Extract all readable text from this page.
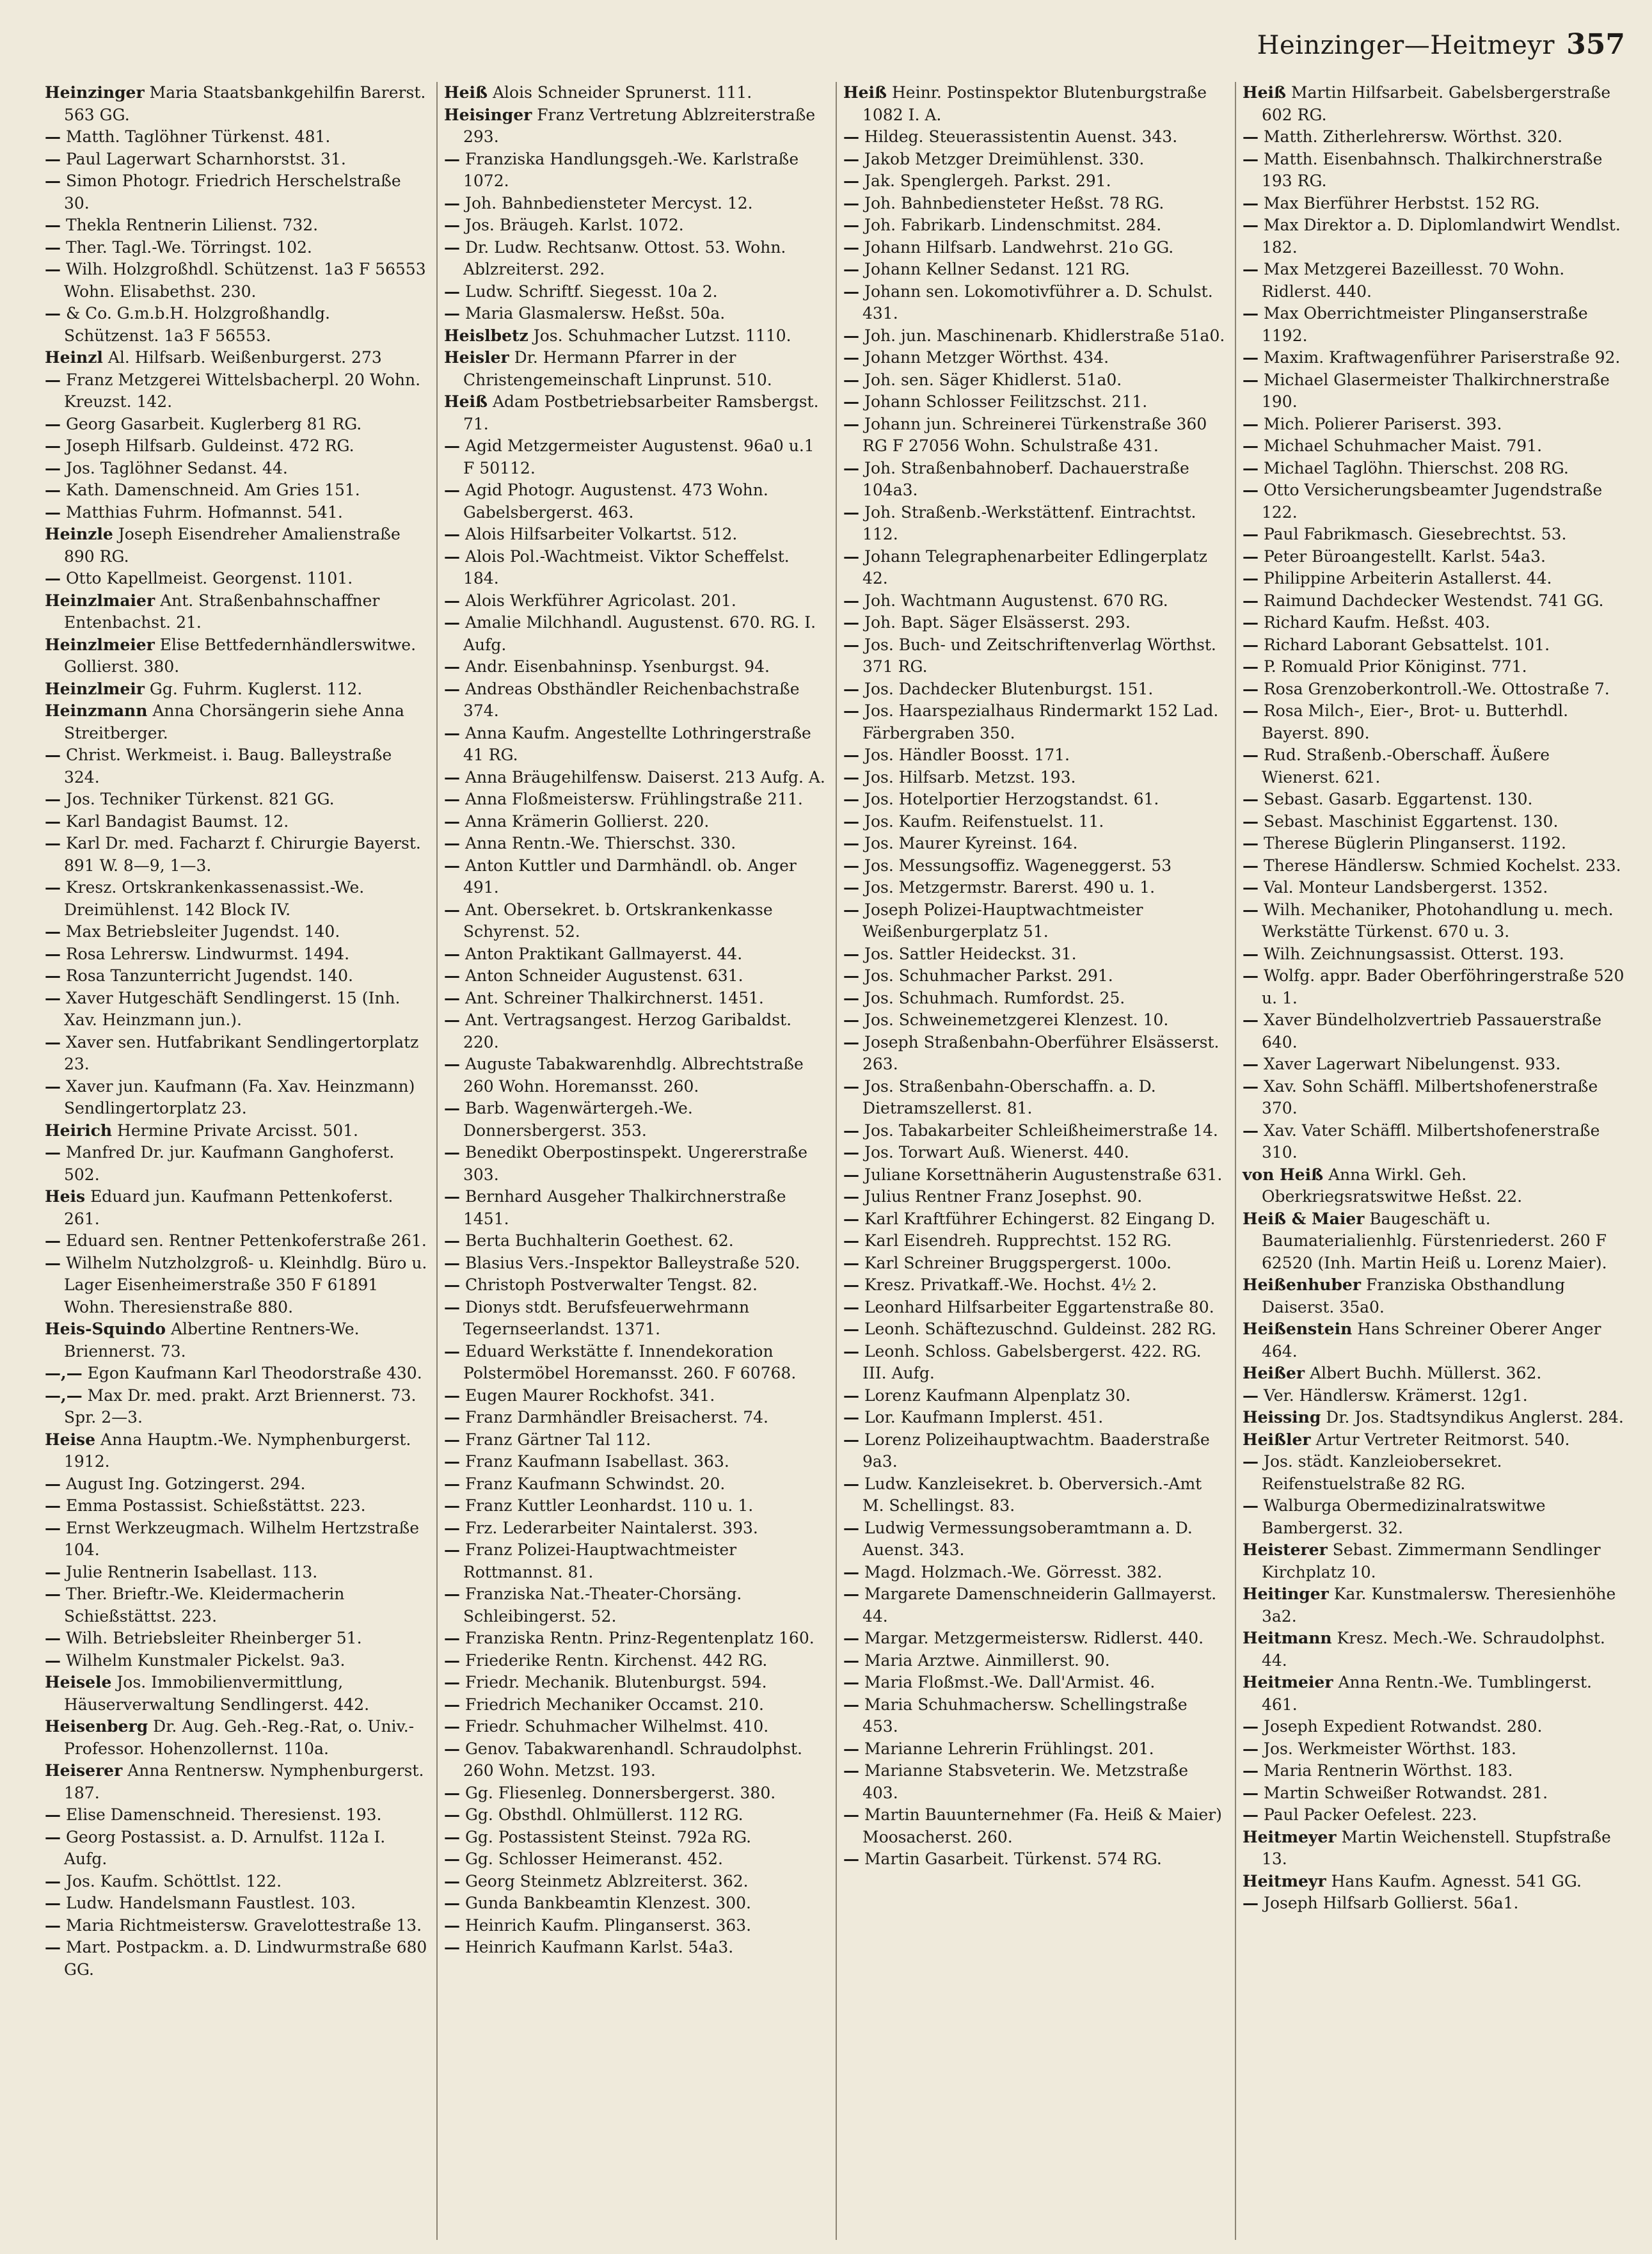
Heinzinger—Heitmeyr 357

Heinzinger Maria Staatsbankgehilfin Barerst. 563 GG.

— Matth. Taglöhner Türkenst. 481.

— Paul Lagerwart Scharnhorstst. 31.

— Simon Photogr. Friedrich Herschelstraße 30.

— Thekla Rentnerin Lilienst. 732.

— Ther. Tagl.-We. Törringst. 102.

— Wilh. Holzgroßhdl. Schützenst. 1a3 F 56553 Wohn. Elisabethst. 230.

— & Co. G.m.b.H. Holzgroßhandlg. Schützenst. 1a3 F 56553.

Heinzl Al. Hilfsarb. Weißenburgerst. 273

— Franz Metzgerei Wittelsbacherpl. 20 Wohn. Kreuzst. 142.

— Georg Gasarbeit. Kuglerberg 81 RG.

— Joseph Hilfsarb. Guldeinst. 472 RG.

— Jos. Taglöhner Sedanst. 44.

— Kath. Damenschneid. Am Gries 151.

— Matthias Fuhrm. Hofmannst. 541.

Heinzle Joseph Eisendreher Amalienstraße 890 RG.

— Otto Kapellmeist. Georgenst. 1101.

Heinzlmaier Ant. Straßenbahnschaffner Entenbachst. 21.

Heinzlmeier Elise Bettfedernhändlerswitwe. Gollierst. 380.

Heinzlmeir Gg. Fuhrm. Kuglerst. 112.

Heinzmann Anna Chorsängerin siehe Anna Streitberger.

— Christ. Werkmeist. i. Baug. Balleystraße 324.

— Jos. Techniker Türkenst. 821 GG.

— Karl Bandagist Baumst. 12.

— Karl Dr. med. Facharzt f. Chirurgie Bayerst. 891 W. 8—9, 1—3.

— Kresz. Ortskrankenkassenassist.-We. Dreimühlenst. 142 Block IV.

— Max Betriebsleiter Jugendst. 140.

— Rosa Lehrersw. Lindwurmst. 1494.

— Rosa Tanzunterricht Jugendst. 140.

— Xaver Hutgeschäft Sendlingerst. 15 (Inh. Xav. Heinzmann jun.).

— Xaver sen. Hutfabrikant Sendlingertorplatz 23.

— Xaver jun. Kaufmann (Fa. Xav. Heinzmann) Sendlingertorplatz 23.

Heirich Hermine Private Arcisst. 501.

— Manfred Dr. jur. Kaufmann Ganghoferst. 502.

Heis Eduard jun. Kaufmann Pettenkoferst. 261.

— Eduard sen. Rentner Pettenkoferstraße 261.

— Wilhelm Nutzholzgroß- u. Kleinhdlg. Büro u. Lager Eisenheimerstraße 350 F 61891 Wohn. Theresienstraße 880.

Heis-Squindo Albertine Rentners-We. Briennerst. 73.

—,— Egon Kaufmann Karl Theodorstraße 430.

—,— Max Dr. med. prakt. Arzt Briennerst. 73. Spr. 2—3.

Heise Anna Hauptm.-We. Nymphenburgerst. 1912.

— August Ing. Gotzingerst. 294.

— Emma Postassist. Schießstättst. 223.

— Ernst Werkzeugmach. Wilhelm Hertzstraße 104.

— Julie Rentnerin Isabellast. 113.

— Ther. Brieftr.-We. Kleidermacherin Schießstättst. 223.

— Wilh. Betriebsleiter Rheinberger 51.

— Wilhelm Kunstmaler Pickelst. 9a3.

Heisele Jos. Immobilienvermittlung, Häuserverwaltung Sendlingerst. 442.

Heisenberg Dr. Aug. Geh.-Reg.-Rat, o. Univ.-Professor. Hohenzollernst. 110a.

Heiserer Anna Rentnersw. Nymphenburgerst. 187.

— Elise Damenschneid. Theresienst. 193.

— Georg Postassist. a. D. Arnulfst. 112a I. Aufg.

— Jos. Kaufm. Schöttlst. 122.

— Ludw. Handelsmann Faustlest. 103.

— Maria Richtmeistersw. Gravelottestraße 13.

— Mart. Postpackm. a. D. Lindwurmstraße 680 GG.

Heiß Alois Schneider Sprunerst. 111.

Heisinger Franz Vertretung Ablzreiterstraße 293.

— Franziska Handlungsgeh.-We. Karlstraße 1072.

— Joh. Bahnbediensteter Mercyst. 12.

— Jos. Bräugeh. Karlst. 1072.

— Dr. Ludw. Rechtsanw. Ottost. 53. Wohn. Ablzreiterst. 292.

— Ludw. Schriftf. Siegesst. 10a 2.

— Maria Glasmalersw. Heßst. 50a.

Heislbetz Jos. Schuhmacher Lutzst. 1110.

Heisler Dr. Hermann Pfarrer in der Christengemeinschaft Linprunst. 510.

Heiß Adam Postbetriebsarbeiter Ramsbergst. 71.

— Agid Metzgermeister Augustenst. 96a0 u.1 F 50112.

— Agid Photogr. Augustenst. 473 Wohn. Gabelsbergerst. 463.

— Alois Hilfsarbeiter Volkartst. 512.

— Alois Pol.-Wachtmeist. Viktor Scheffelst. 184.

— Alois Werkführer Agricolast. 201.

— Amalie Milchhandl. Augustenst. 670. RG. I. Aufg.

— Andr. Eisenbahninsp. Ysenburgst. 94.

— Andreas Obsthändler Reichenbachstraße 374.

— Anna Kaufm. Angestellte Lothringerstraße 41 RG.

— Anna Bräugehilfensw. Daiserst. 213 Aufg. A.

— Anna Floßmeistersw. Frühlingstraße 211.

— Anna Krämerin Gollierst. 220.

— Anna Rentn.-We. Thierschst. 330.

— Anton Kuttler und Darmhändl. ob. Anger 491.

— Ant. Obersekret. b. Ortskrankenkasse Schyrenst. 52.

— Anton Praktikant Gallmayerst. 44.

— Anton Schneider Augustenst. 631.

— Ant. Schreiner Thalkirchnerst. 1451.

— Ant. Vertragsangest. Herzog Garibaldst. 220.

— Auguste Tabakwarenhdlg. Albrechtstraße 260 Wohn. Horemansst. 260.

— Barb. Wagenwärtergeh.-We. Donnersbergerst. 353.

— Benedikt Oberpostinspekt. Ungererstraße 303.

— Bernhard Ausgeher Thalkirchnerstraße 1451.

— Berta Buchhalterin Goethest. 62.

— Blasius Vers.-Inspektor Balleystraße 520.

— Christoph Postverwalter Tengst. 82.

— Dionys stdt. Berufsfeuerwehrmann Tegernseerlandst. 1371.

— Eduard Werkstätte f. Innendekoration Polstermöbel Horemansst. 260. F 60768.

— Eugen Maurer Rockhofst. 341.

— Franz Darmhändler Breisacherst. 74.

— Franz Gärtner Tal 112.

— Franz Kaufmann Isabellast. 363.

— Franz Kaufmann Schwindst. 20.

— Franz Kuttler Leonhardst. 110 u. 1.

— Frz. Lederarbeiter Naintalerst. 393.

— Franz Polizei-Hauptwachtmeister Rottmannst. 81.

— Franziska Nat.-Theater-Chorsäng. Schleibingerst. 52.

— Franziska Rentn. Prinz-Regentenplatz 160.

— Friederike Rentn. Kirchenst. 442 RG.

— Friedr. Mechanik. Blutenburgst. 594.

— Friedrich Mechaniker Occamst. 210.

— Friedr. Schuhmacher Wilhelmst. 410.

— Genov. Tabakwarenhandl. Schraudolphst. 260 Wohn. Metzst. 193.

— Gg. Fliesenleg. Donnersbergerst. 380.

— Gg. Obsthdl. Ohlmüllerst. 112 RG.

— Gg. Postassistent Steinst. 792a RG.

— Gg. Schlosser Heimeranst. 452.

— Georg Steinmetz Ablzreiterst. 362.

— Gunda Bankbeamtin Klenzest. 300.

— Heinrich Kaufm. Plinganserst. 363.

— Heinrich Kaufmann Karlst. 54a3.

Heiß Heinr. Postinspektor Blutenburgstraße 1082 I. A.

— Hildeg. Steuerassistentin Auenst. 343.

— Jakob Metzger Dreimühlenst. 330.

— Jak. Spenglergeh. Parkst. 291.

— Joh. Bahnbediensteter Heßst. 78 RG.

— Joh. Fabrikarb. Lindenschmitst. 284.

— Johann Hilfsarb. Landwehrst. 21o GG.

— Johann Kellner Sedanst. 121 RG.

— Johann sen. Lokomotivführer a. D. Schulst. 431.

— Joh. jun. Maschinenarb. Khidlerstraße 51a0.

— Johann Metzger Wörthst. 434.

— Joh. sen. Säger Khidlerst. 51a0.

— Johann Schlosser Feilitzschst. 211.

— Johann jun. Schreinerei Türkenstraße 360 RG F 27056 Wohn. Schulstraße 431.

— Joh. Straßenbahnoberf. Dachauerstraße 104a3.

— Joh. Straßenb.-Werkstättenf. Eintrachtst. 112.

— Johann Telegraphenarbeiter Edlingerplatz 42.

— Joh. Wachtmann Augustenst. 670 RG.

— Joh. Bapt. Säger Elsässerst. 293.

— Jos. Buch- und Zeitschriftenverlag Wörthst. 371 RG.

— Jos. Dachdecker Blutenburgst. 151.

— Jos. Haarspezialhaus Rindermarkt 152 Lad. Färbergraben 350.

— Jos. Händler Boosst. 171.

— Jos. Hilfsarb. Metzst. 193.

— Jos. Hotelportier Herzogstandst. 61.

— Jos. Kaufm. Reifenstuelst. 11.

— Jos. Maurer Kyreinst. 164.

— Jos. Messungsoffiz. Wageneggerst. 53

— Jos. Metzgermstr. Barerst. 490 u. 1.

— Joseph Polizei-Hauptwachtmeister Weißenburgerplatz 51.

— Jos. Sattler Heideckst. 31.

— Jos. Schuhmacher Parkst. 291.

— Jos. Schuhmach. Rumfordst. 25.

— Jos. Schweinemetzgerei Klenzest. 10.

— Joseph Straßenbahn-Oberführer Elsässerst. 263.

— Jos. Straßenbahn-Oberschaffn. a. D. Dietramszellerst. 81.

— Jos. Tabakarbeiter Schleißheimerstraße 14.

— Jos. Torwart Auß. Wienerst. 440.

— Juliane Korsettnäherin Augustenstraße 631.

— Julius Rentner Franz Josephst. 90.

— Karl Kraftführer Echingerst. 82 Eingang D.

— Karl Eisendreh. Rupprechtst. 152 RG.

— Karl Schreiner Bruggspergerst. 100o.

— Kresz. Privatkaff.-We. Hochst. 4½ 2.

— Leonhard Hilfsarbeiter Eggartenstraße 80.

— Leonh. Schäftezuschnd. Guldeinst. 282 RG.

— Leonh. Schloss. Gabelsbergerst. 422. RG. III. Aufg.

— Lorenz Kaufmann Alpenplatz 30.

— Lor. Kaufmann Implerst. 451.

— Lorenz Polizeihauptwachtm. Baaderstraße 9a3.

— Ludw. Kanzleisekret. b. Oberversich.-Amt M. Schellingst. 83.

— Ludwig Vermessungsoberamtmann a. D. Auenst. 343.

— Magd. Holzmach.-We. Görresst. 382.

— Margarete Damenschneiderin Gallmayerst. 44.

— Margar. Metzgermeistersw. Ridlerst. 440.

— Maria Arztwe. Ainmillerst. 90.

— Maria Floßmst.-We. Dall'Armist. 46.

— Maria Schuhmachersw. Schellingstraße 453.

— Marianne Lehrerin Frühlingst. 201.

— Marianne Stabsveterin. We. Metzstraße 403.

— Martin Bauunternehmer (Fa. Heiß & Maier) Moosacherst. 260.

— Martin Gasarbeit. Türkenst. 574 RG.

Heiß Martin Hilfsarbeit. Gabelsbergerstraße 602 RG.

— Matth. Zitherlehrersw. Wörthst. 320.

— Matth. Eisenbahnsch. Thalkirchnerstraße 193 RG.

— Max Bierführer Herbstst. 152 RG.

— Max Direktor a. D. Diplomlandwirt Wendlst. 182.

— Max Metzgerei Bazeillesst. 70 Wohn. Ridlerst. 440.

— Max Oberrichtmeister Plinganserstraße 1192.

— Maxim. Kraftwagenführer Pariserstraße 92.

— Michael Glasermeister Thalkirchnerstraße 190.

— Mich. Polierer Pariserst. 393.

— Michael Schuhmacher Maist. 791.

— Michael Taglöhn. Thierschst. 208 RG.

— Otto Versicherungsbeamter Jugendstraße 122.

— Paul Fabrikmasch. Giesebrechtst. 53.

— Peter Büroangestellt. Karlst. 54a3.

— Philippine Arbeiterin Astallerst. 44.

— Raimund Dachdecker Westendst. 741 GG.

— Richard Kaufm. Heßst. 403.

— Richard Laborant Gebsattelst. 101.

— P. Romuald Prior Königinst. 771.

— Rosa Grenzoberkontroll.-We. Ottostraße 7.

— Rosa Milch-, Eier-, Brot- u. Butterhdl. Bayerst. 890.

— Rud. Straßenb.-Oberschaff. Äußere Wienerst. 621.

— Sebast. Gasarb. Eggartenst. 130.

— Sebast. Maschinist Eggartenst. 130.

— Therese Büglerin Plinganserst. 1192.

— Therese Händlersw. Schmied Kochelst. 233.

— Val. Monteur Landsbergerst. 1352.

— Wilh. Mechaniker, Photohandlung u. mech. Werkstätte Türkenst. 670 u. 3.

— Wilh. Zeichnungsassist. Otterst. 193.

— Wolfg. appr. Bader Oberföhringerstraße 520 u. 1.

— Xaver Bündelholzvertrieb Passauerstraße 640.

— Xaver Lagerwart Nibelungenst. 933.

— Xav. Sohn Schäffl. Milbertshofenerstraße 370.

— Xav. Vater Schäffl. Milbertshofenerstraße 310.

von Heiß Anna Wirkl. Geh. Oberkriegsratswitwe Heßst. 22.

Heiß & Maier Baugeschäft u. Baumaterialienhlg. Fürstenriederst. 260 F 62520 (Inh. Martin Heiß u. Lorenz Maier).

Heißenhuber Franziska Obsthandlung Daiserst. 35a0.

Heißenstein Hans Schreiner Oberer Anger 464.

Heißer Albert Buchh. Müllerst. 362.

— Ver. Händlersw. Krämerst. 12g1.

Heissing Dr. Jos. Stadtsyndikus Anglerst. 284.

Heißler Artur Vertreter Reitmorst. 540.

— Jos. städt. Kanzleiobersekret. Reifenstuelstraße 82 RG.

— Walburga Obermedizinalratswitwe Bambergerst. 32.

Heisterer Sebast. Zimmermann Sendlinger Kirchplatz 10.

Heitinger Kar. Kunstmalersw. Theresienhöhe 3a2.

Heitmann Kresz. Mech.-We. Schraudolphst. 44.

Heitmeier Anna Rentn.-We. Tumblingerst. 461.

— Joseph Expedient Rotwandst. 280.

— Jos. Werkmeister Wörthst. 183.

— Maria Rentnerin Wörthst. 183.

— Martin Schweißer Rotwandst. 281.

— Paul Packer Oefelest. 223.

Heitmeyer Martin Weichenstell. Stupfstraße 13.

Heitmeyr Hans Kaufm. Agnesst. 541 GG.

— Joseph Hilfsarb Gollierst. 56a1.
